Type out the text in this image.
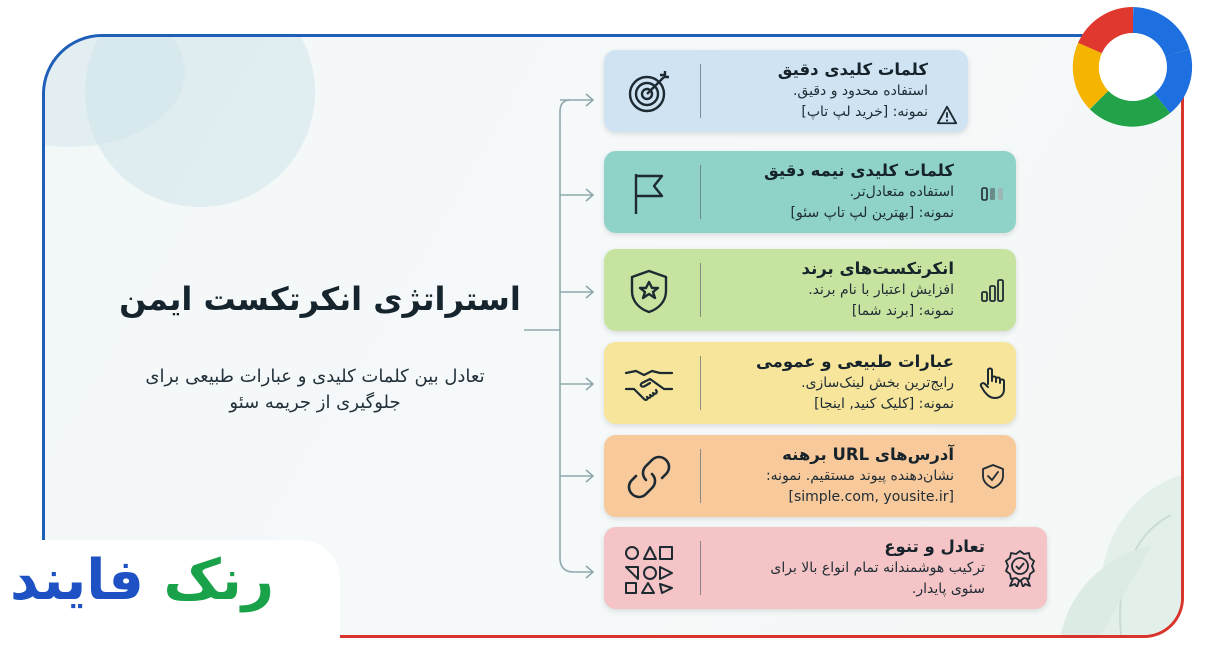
استراتژی انکرتکست ایمن
تعادل بین کلمات کلیدی و عبارات طبیعی برای
جلوگیری از جریمه سئو
کلمات کلیدی دقیق
استفاده محدود و دقیق.
نمونه: [خرید لپ تاپ]
کلمات کلیدی نیمه دقیق
استفاده متعادل‌تر.
نمونه: [بهترین لپ تاپ سئو]
انکرتکست‌های برند
افزایش اعتبار با نام برند.
نمونه: [برند شما]
عبارات طبیعی و عمومی
رایج‌ترین بخش لینک‌سازی.
نمونه: [کلیک کنید, اینجا]
آدرس‌های URL برهنه
نشان‌دهنده پیوند مستقیم. نمونه:
[simple.com, yousite.ir]
تعادل و تنوع
ترکیب هوشمندانه تمام انواع بالا برای
سئوی پایدار.
رنک فایند
